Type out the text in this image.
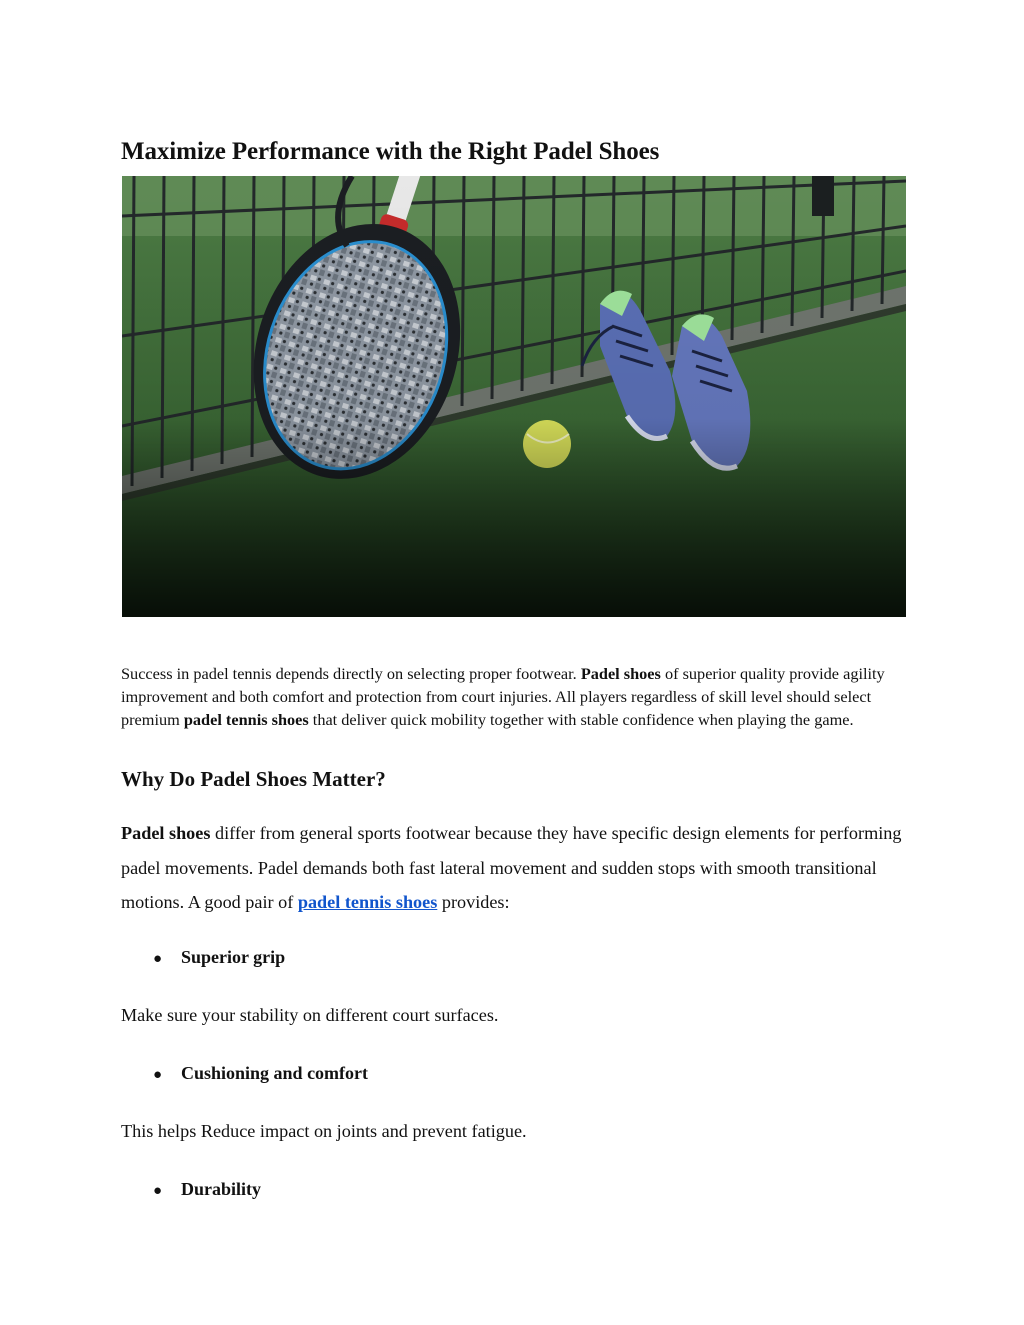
Maximize Performance with the Right Padel Shoes

Success in padel tennis depends directly on selecting proper footwear. Padel shoes of superior quality provide agility improvement and both comfort and protection from court injuries. All players regardless of skill level should select premium padel tennis shoes that deliver quick mobility together with stable confidence when playing the game.

Why Do Padel Shoes Matter?

Padel shoes differ from general sports footwear because they have specific design elements for performing padel movements. Padel demands both fast lateral movement and sudden stops with smooth transitional motions. A good pair of padel tennis shoes provides:

● Superior grip

Make sure your stability on different court surfaces.

● Cushioning and comfort

This helps Reduce impact on joints and prevent fatigue.

● Durability
